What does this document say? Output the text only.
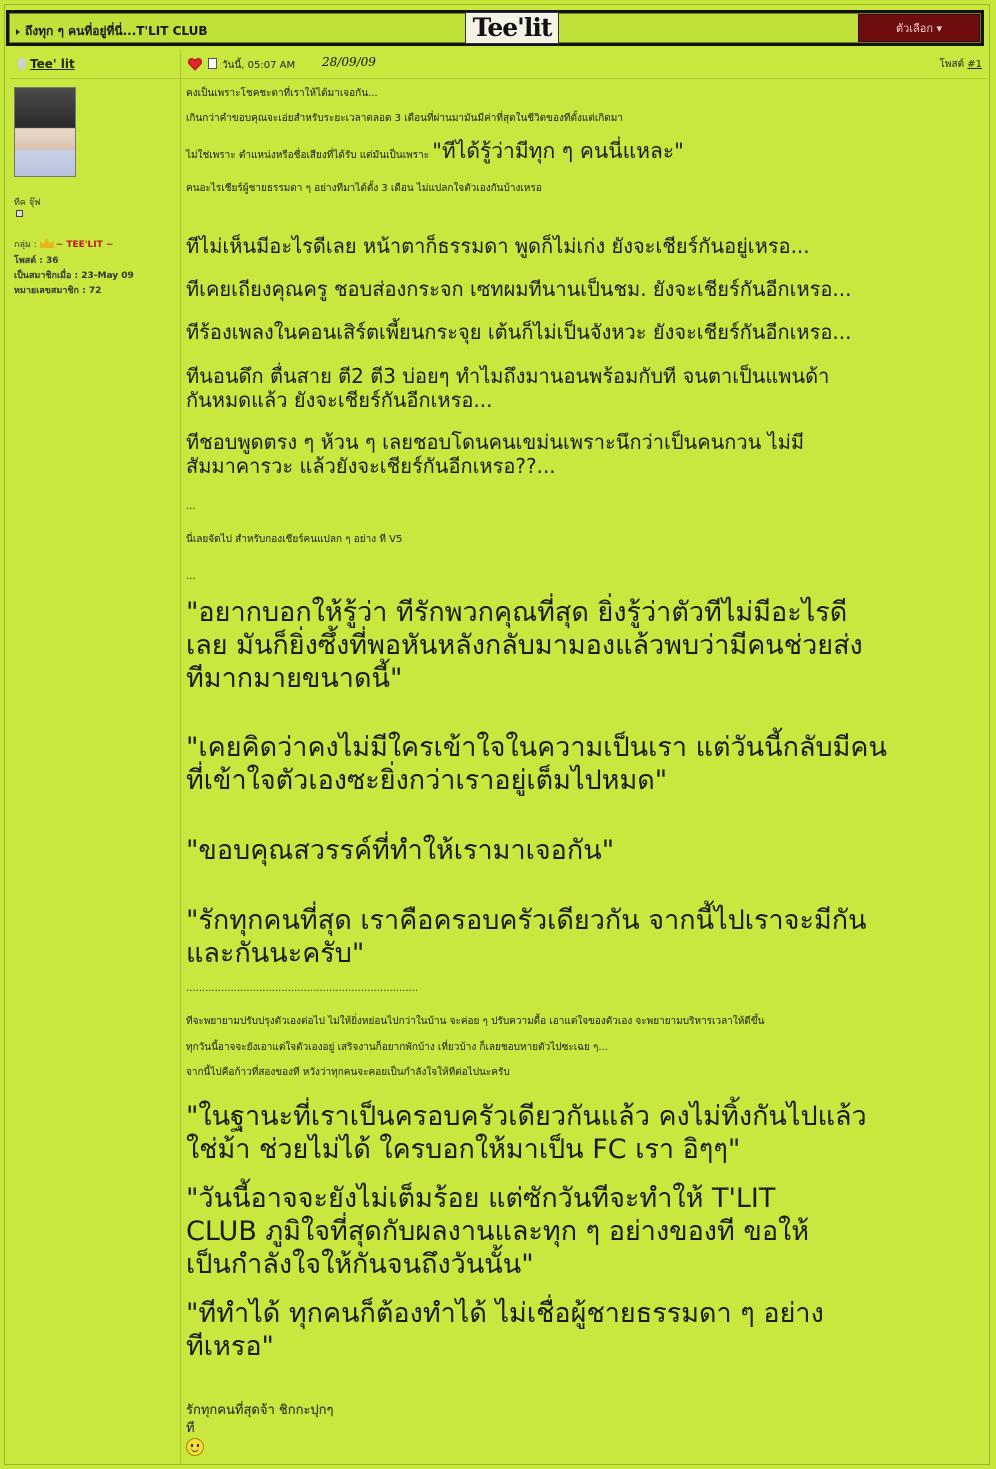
ถึงทุก ๆ คนที่อยู่ที่นี่...T'LIT CLUB	Tee'lit	ตัวเลือก ▾
Tee' lit	วันนี้, 05:07 AM 28/09/09	โพสต์ #1
ทีค จุ๊ฟ
กลุ่ม : ~ TEE'LIT ~
โพสต์ : 36
เป็นสมาชิกเมื่อ : 23-May 09
หมายเลขสมาชิก : 72
คงเป็นเพราะโชคชะตาที่เราให้ได้มาเจอกัน...
เกินกว่าคำขอบคุณจะเอ่ยสำหรับระยะเวลาตลอด 3 เดือนที่ผ่านมามันมีค่าที่สุดในชีวิตของทีตั้งแต่เกิดมา
ไม่ใช่เพราะ ตำแหน่งหรือชื่อเสียงที่ได้รับ แต่มันเป็นเพราะ "ทีได้รู้ว่ามีทุก ๆ คนนี่แหละ"
คนอะไรเชียร์ผู้ชายธรรมดา ๆ อย่างทีมาได้ตั้ง 3 เดือน ไม่แปลกใจตัวเองกันบ้างเหรอ
ทีไม่เห็นมีอะไรดีเลย หน้าตาก็ธรรมดา พูดก็ไม่เก่ง ยังจะเชียร์กันอยู่เหรอ...
ทีเคยเถียงคุณครู ชอบส่องกระจก เซทผมทีนานเป็นชม. ยังจะเชียร์กันอีกเหรอ...
ทีร้องเพลงในคอนเสิร์ตเพี้ยนกระจุย เต้นก็ไม่เป็นจังหวะ ยังจะเชียร์กันอีกเหรอ...
ทีนอนดึก ตื่นสาย ตี2 ตี3 บ่อยๆ ทำไมถึงมานอนพร้อมกับที จนตาเป็นแพนด้า
กันหมดแล้ว ยังจะเชียร์กันอีกเหรอ...
ทีชอบพูดตรง ๆ ห้วน ๆ เลยชอบโดนคนเขม่นเพราะนึกว่าเป็นคนกวน ไม่มี
สัมมาคารวะ แล้วยังจะเชียร์กันอีกเหรอ??...
...
นี่เลยจัดไป สำหรับกองเชียร์คนแปลก ๆ อย่าง ที V5
...
"อยากบอกให้รู้ว่า ทีรักพวกคุณที่สุด ยิ่งรู้ว่าตัวทีไม่มีอะไรดี
เลย มันก็ยิ่งซึ้งที่พอหันหลังกลับมามองแล้วพบว่ามีคนช่วยส่ง
ทีมากมายขนาดนี้"
"เคยคิดว่าคงไม่มีใครเข้าใจในความเป็นเรา แต่วันนี้กลับมีคน
ที่เข้าใจตัวเองซะยิ่งกว่าเราอยู่เต็มไปหมด"
"ขอบคุณสวรรค์ที่ทำให้เรามาเจอกัน"
"รักทุกคนที่สุด เราคือครอบครัวเดียวกัน จากนี้ไปเราจะมีกัน
และกันนะครับ"
.........................................................................
ทีจะพยายามปรับปรุงตัวเองต่อไป ไม่ให้ยิ่งหย่อนไปกว่าในบ้าน จะค่อย ๆ ปรับความดื้อ เอาแต่ใจของตัวเอง จะพยายามบริหารเวลาให้ดีขึ้น
ทุกวันนี้อาจจะยังเอาแต่ใจตัวเองอยู่ เสริจงานก็อยากพักบ้าง เที่ยวบ้าง ก็เลยชอบหายตัวไปซะเฉย ๆ...
จากนี้ไปคือก้าวที่สองของที หวังว่าทุกคนจะคอยเป็นกำลังใจให้ทีต่อไปนะครับ
"ในฐานะที่เราเป็นครอบครัวเดียวกันแล้ว คงไม่ทิ้งกันไปแล้ว
ใช่ม้า ช่วยไม่ได้ ใครบอกให้มาเป็น FC เรา อิๆๆ"
"วันนี้อาจจะยังไม่เต็มร้อย แต่ซักวันทีจะทำให้ T'LIT
CLUB ภูมิใจที่สุดกับผลงานและทุก ๆ อย่างของที ขอให้
เป็นกำลังใจให้กันจนถึงวันนั้น"
"ทีทำได้ ทุกคนก็ต้องทำได้ ไม่เชื่อผู้ชายธรรมดา ๆ อย่าง
ทีเหรอ"
รักทุกคนที่สุดจ้า ชิกกะปุกๆ
ที
